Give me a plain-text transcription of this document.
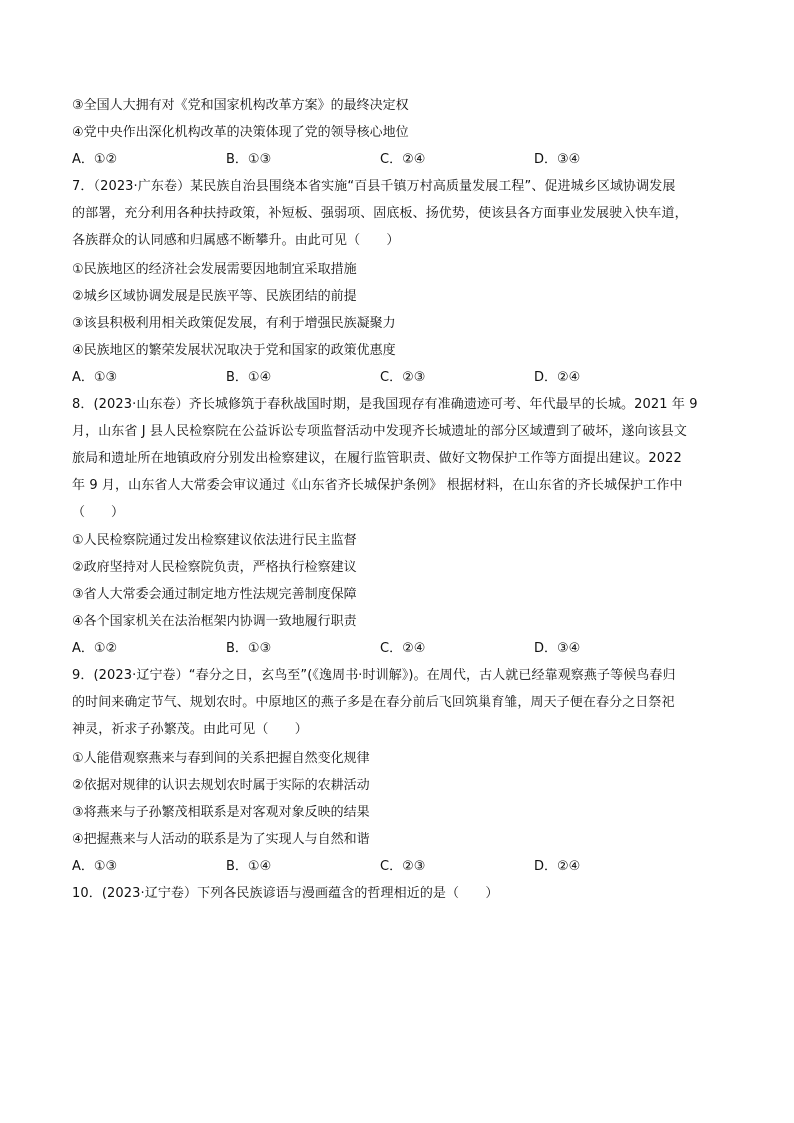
③全国人大拥有对《党和国家机构改革方案》的最终决定权
④党中央作出深化机构改革的决策体现了党的领导核心地位
A．①②	B．①③	C．②④	D．③④
7．（2023·广东卷）某民族自治县围绕本省实施“百县千镇万村高质量发展工程”、促进城乡区域协调发展
的部署，充分利用各种扶持政策，补短板、强弱项、固底板、扬优势，使该县各方面事业发展驶入快车道，
各族群众的认同感和归属感不断攀升。由此可见（　　）
①民族地区的经济社会发展需要因地制宜采取措施
②城乡区域协调发展是民族平等、民族团结的前提
③该县积极利用相关政策促发展，有利于增强民族凝聚力
④民族地区的繁荣发展状况取决于党和国家的政策优惠度
A．①③	B．①④	C．②③	D．②④
8．(2023·山东卷）齐长城修筑于春秋战国时期，是我国现存有准确遗迹可考、年代最早的长城。2021 年 9
月，山东省 J 县人民检察院在公益诉讼专项监督活动中发现齐长城遗址的部分区域遭到了破坏，遂向该县文
旅局和遗址所在地镇政府分别发出检察建议，在履行监管职责、做好文物保护工作等方面提出建议。2022
年 9 月，山东省人大常委会审议通过《山东省齐长城保护条例》 根据材料，在山东省的齐长城保护工作中
（　　）
①人民检察院通过发出检察建议依法进行民主监督
②政府坚持对人民检察院负责，严格执行检察建议
③省人大常委会通过制定地方性法规完善制度保障
④各个国家机关在法治框架内协调一致地履行职责
A．①②	B．①③	C．②④	D．③④
9．(2023·辽宁卷）“春分之日，玄鸟至”(《逸周书·时训解》)。在周代，古人就已经靠观察燕子等候鸟春归
的时间来确定节气、规划农时。中原地区的燕子多是在春分前后飞回筑巢育雏，周天子便在春分之日祭祀
神灵，祈求子孙繁茂。由此可见（　　）
①人能借观察燕来与春到间的关系把握自然变化规律
②依据对规律的认识去规划农时属于实际的农耕活动
③将燕来与子孙繁茂相联系是对客观对象反映的结果
④把握燕来与人活动的联系是为了实现人与自然和谐
A．①③	B．①④	C．②③	D．②④
10．(2023·辽宁卷）下列各民族谚语与漫画蕴含的哲理相近的是（　　）
